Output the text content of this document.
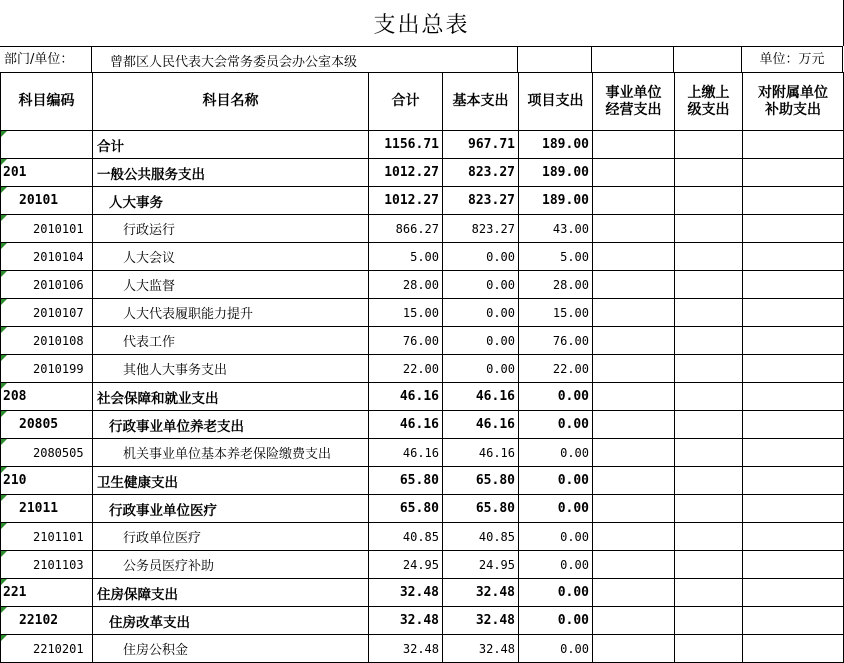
支出总表
部门/单位：	曾都区人民代表大会常务委员会办公室本级	单位：万元
科目编码	科目名称	合计	基本支出	项目支出	事业单位经营支出	上缴上级支出	对附属单位补助支出

	合计	1156.71	967.71	189.00			

201	一般公共服务支出	1012.27	823.27	189.00			

20101	人大事务	1012.27	823.27	189.00			

2010101	行政运行	866.27	823.27	43.00			

2010104	人大会议	5.00	0.00	5.00			

2010106	人大监督	28.00	0.00	28.00			

2010107	人大代表履职能力提升	15.00	0.00	15.00			

2010108	代表工作	76.00	0.00	76.00			

2010199	其他人大事务支出	22.00	0.00	22.00			

208	社会保障和就业支出	46.16	46.16	0.00			

20805	行政事业单位养老支出	46.16	46.16	0.00			

2080505	机关事业单位基本养老保险缴费支出	46.16	46.16	0.00			

210	卫生健康支出	65.80	65.80	0.00			

21011	行政事业单位医疗	65.80	65.80	0.00			

2101101	行政单位医疗	40.85	40.85	0.00			

2101103	公务员医疗补助	24.95	24.95	0.00			

221	住房保障支出	32.48	32.48	0.00			

22102	住房改革支出	32.48	32.48	0.00			

2210201	住房公积金	32.48	32.48	0.00			
